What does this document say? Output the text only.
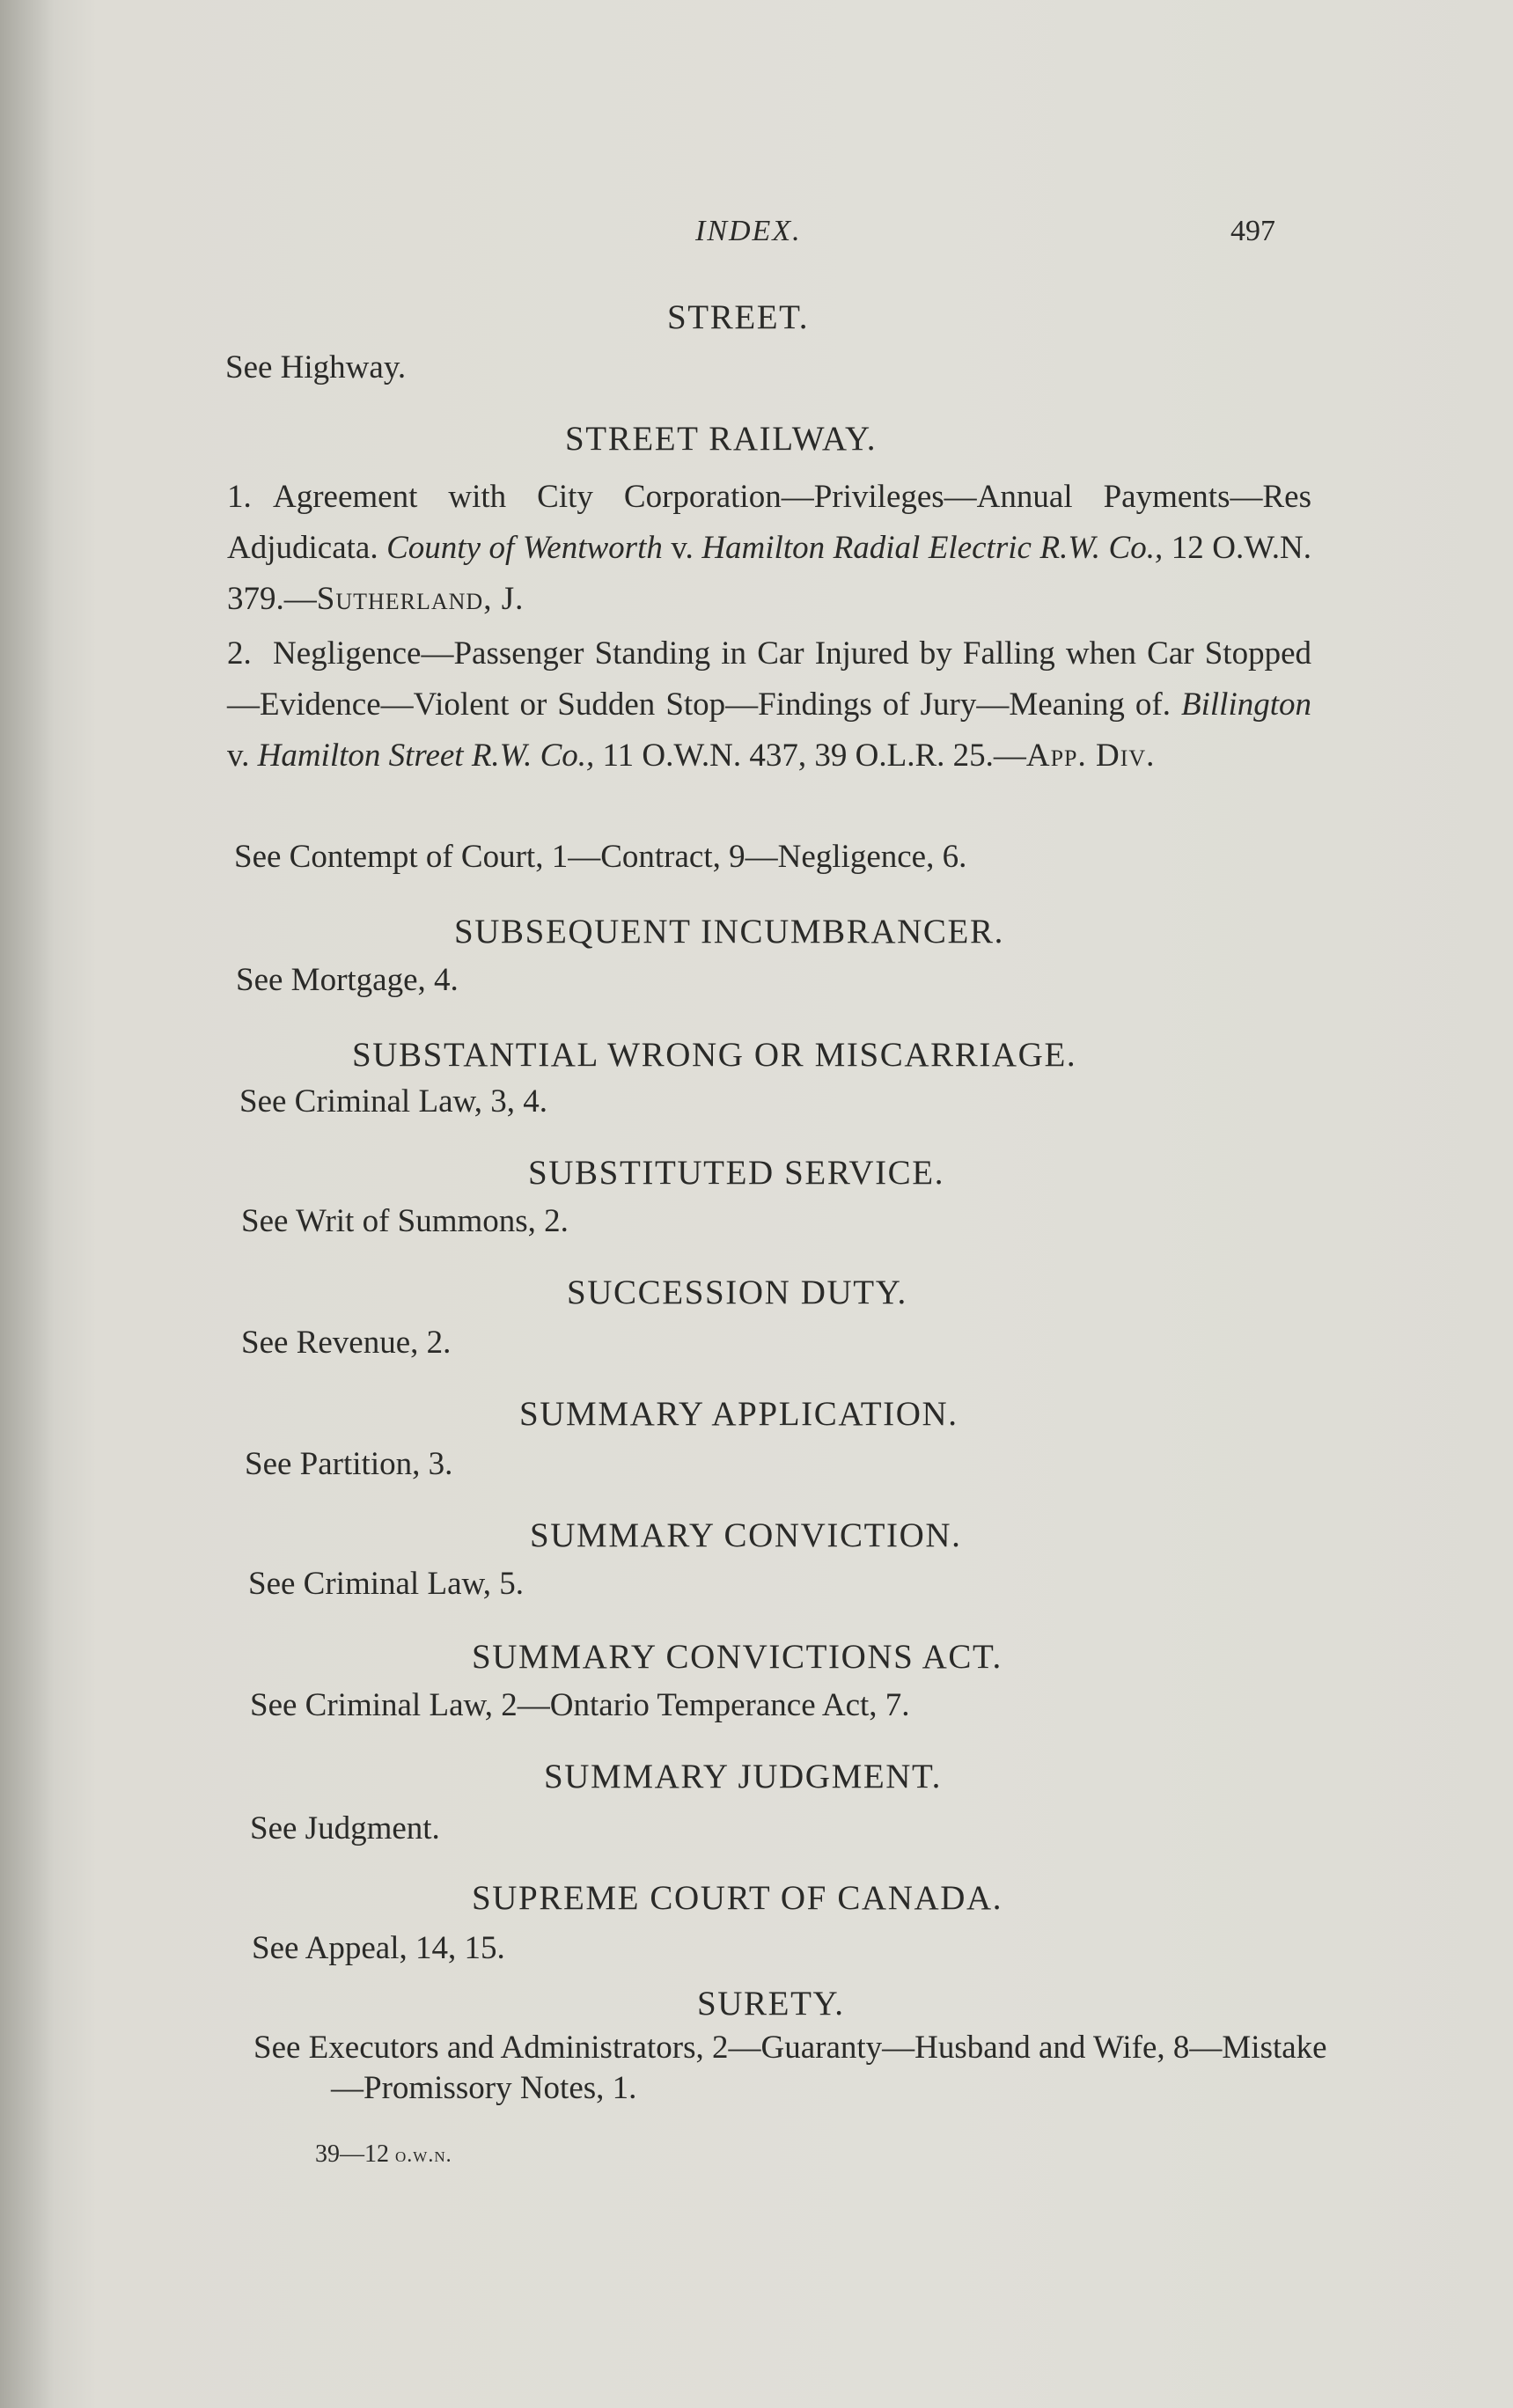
INDEX.	497
STREET.
See Highway.
STREET RAILWAY.
1. Agreement with City Corporation—Privileges—Annual Payments—Res Adjudicata. County of Wentworth v. Hamilton Radial Electric R.W. Co., 12 O.W.N. 379.—Sutherland, J.
2. Negligence—Passenger Standing in Car Injured by Falling when Car Stopped—Evidence—Violent or Sudden Stop—Findings of Jury—Meaning of. Billington v. Hamilton Street R.W. Co., 11 O.W.N. 437, 39 O.L.R. 25.—App. Div.
See Contempt of Court, 1—Contract, 9—Negligence, 6.
SUBSEQUENT INCUMBRANCER.
See Mortgage, 4.
SUBSTANTIAL WRONG OR MISCARRIAGE.
See Criminal Law, 3, 4.
SUBSTITUTED SERVICE.
See Writ of Summons, 2.
SUCCESSION DUTY.
See Revenue, 2.
SUMMARY APPLICATION.
See Partition, 3.
SUMMARY CONVICTION.
See Criminal Law, 5.
SUMMARY CONVICTIONS ACT.
See Criminal Law, 2—Ontario Temperance Act, 7.
SUMMARY JUDGMENT.
See Judgment.
SUPREME COURT OF CANADA.
See Appeal, 14, 15.
SURETY.
See Executors and Administrators, 2—Guaranty—Husband and Wife, 8—Mistake—Promissory Notes, 1.
39—12 o.w.n.
